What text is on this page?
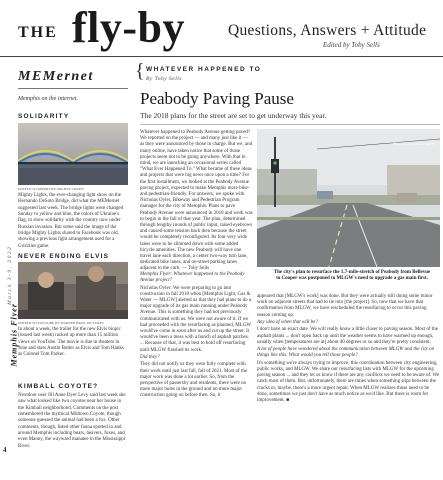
THE fly-by	Questions, Answers + Attitude
Edited by Toby Sells
March 3-9, 2022
Memphis Flyer
4
MEMernet
Memphis on the internet.
SOLIDARITY
POSTED TO REDDIT BY MIGHTY LIGHTS
Mighty Lights, the ever-changing light show on the Hernando DeSoto Bridge, did what the MEMernet suggested last week. The bridge lights were changed Sunday to yellow and blue, the colors of Ukraine's flag, to show solidarity with the country now under Russian invasion. But some said the image of the bridge Mighty Lights shared to Facebook was old, showing a previous light arrangement used for a Grizzlies game.
NEVER ENDING ELVIS
POSTED TO YOUTUBE BY WARNER BROS. PICTURES
In about a week, the trailer for the new Elvis biopic (issued last week) racked up more than 15 million views on YouTube. The movie is due in theaters in June and stars Austin Butler as Elvis and Tom Hanks as Colonel Tom Parker.
KIMBALL COYOTE?
Nextdoor user Jill Anne Dyer Levy said last week she saw what looked like two coyotes near her house in the Kimball neighborhood. Comments on the post remembered the mythical Midtown Coyote, though someone guessed the animal had been a fox. Other comments, though, listed other fauna spotted in and around Memphis including bears, beavers, foxes, and even Manny, the wayward manatee in the Mississippi River.
{ WHATEVER HAPPENED TO
By Toby Sells
Peabody Paving Pause
The 2018 plans for the street are set to get underway this year.
Whatever happened to Peabody Avenue getting paved? We reported on the project — and many just like it — as they were announced by those in charge. But we, and many online, have taken notice that some of those projects seem not to be going anywhere. With that in mind, we are launching an occasional series called "What Ever Happened To." What became of these ideas and projects that were big news once upon a time? For the first installment, we looked at the Peabody Avenue paving project, expected to make Memphis more bike- and pedestrian-friendly. For answers, we spoke with Nicholas Oyler, Bikeway and Pedestrian Program manager for the city of Memphis. Plans to pave Peabody Avenue were announced in 2018 and work was to begin in the fall of that year. The plan, determined through lengthy rounds of public input, raised eyebrows and caused some tension back then because the street would be completely reconfigured. Its four very wide lanes were to be slimmed down with some added bicycle amenities. The new Peabody will have one travel lane each direction, a center two-way turn lane, dedicated bike lanes, and on-street parking lanes adjacent to the curb. — Toby Sells
PHOTO: GOOGLE MAPS
The city's plan to resurface the 1.7-mile-stretch of Peabody from Bellevue to Cooper was postponed to MLGW's need to upgrade a gas main first.

Memphis Flyer: Whatever happened to the Peabody Avenue project?

Nicholas Oyler: We were preparing to go into construction in fall 2018 when [Memphis Light, Gas & Water — MLGW] alerted us that they had plans to do a major upgrade of its gas main running under Peabody Avenue. This is something they had not previously communicated with us. We were not aware of it. If we had proceeded with the resurfacing as planned, MLGW would've come in soon after us and cut up the street. It would've been a mess with a bunch of asphalt patches. ... Because of that, it was best to hold off resurfacing until MLGW finished its work.

Did they?

They did not notify us they were fully complete with their work until just last fall, fall of 2021. Most of the major work was done a lot earlier. So, from the perspective of passersby and residents, there were no more major holes in the ground and no more major construction going on before then. So, it

appeared that [MLGW's work] was done. But they were actually still doing some minor work on adjacent streets that had to tie into [the project]. So, now that we have that confirmation from MLGW, we have rescheduled the resurfacing to occur this paving season coming up.

Any idea of when that will be?

I don't have an exact date. We will really know a little closer to paving season. Most of the asphalt plants ... don't open back up until the weather seems to have warmed up enough, usually when [temperatures are at] about 40 degrees or so and they're pretty consistent.

A lot of people have wondered about the communication between MLGW and the city on things like this. What would you tell those people?

It's something we're always trying to improve, this coordination between city engineering, public works, and MLGW. We share our resurfacing lists with MLGW for the upcoming paving season ... and they let us know if there are any conflicts we need to be aware of. We catch most of them. But, unfortunately, there are times when something slips between the cracks or, maybe, there's a more urgent repair. When MLGW realizes those need to be done, sometimes we just don't have as much notice as we'd like. But there is room for improvement. ■
